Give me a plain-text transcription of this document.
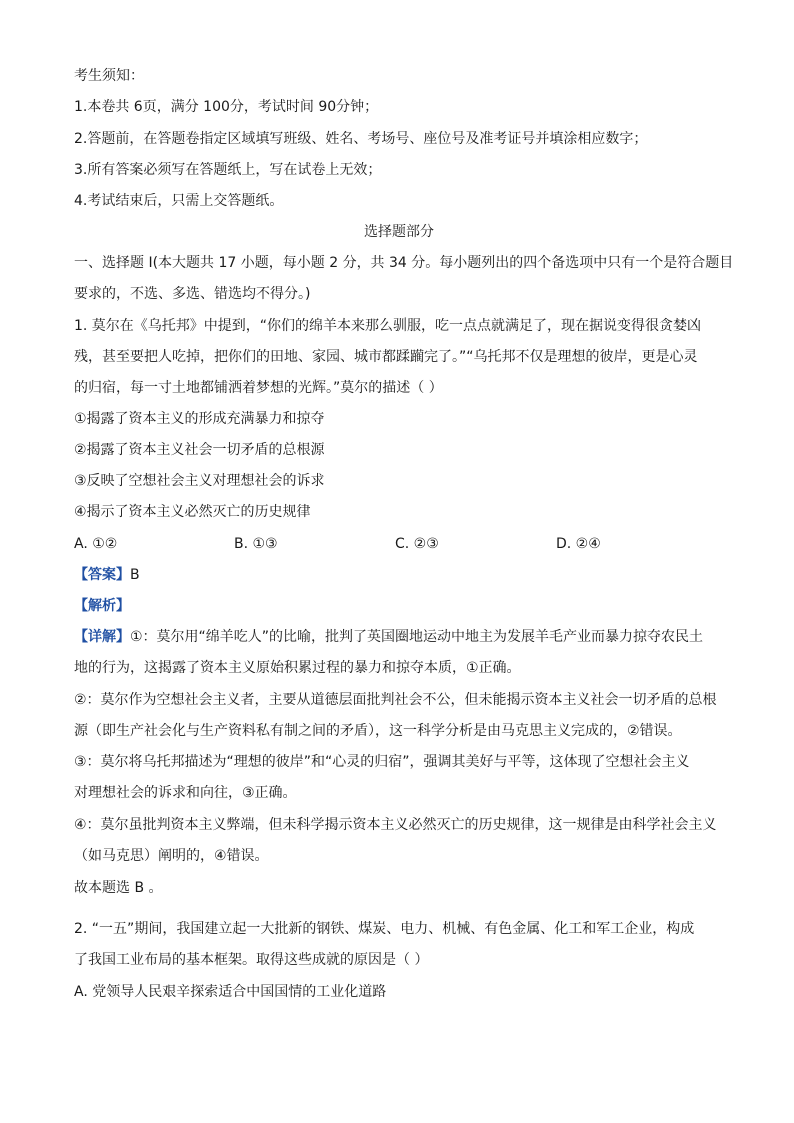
考生须知：
1.本卷共 6页，满分 100分，考试时间 90分钟；
2.答题前，在答题卷指定区域填写班级、姓名、考场号、座位号及准考证号并填涂相应数字；
3.所有答案必须写在答题纸上，写在试卷上无效；
4.考试结束后，只需上交答题纸。
选择题部分
一、选择题 I(本大题共 17 小题，每小题 2 分，共 34 分。每小题列出的四个备选项中只有一个是符合题目
要求的，不选、多选、错选均不得分。)
1. 莫尔在《乌托邦》中提到，“你们的绵羊本来那么驯服，吃一点点就满足了，现在据说变得很贪婪凶
残，甚至要把人吃掉，把你们的田地、家园、城市都蹂躏完了。”“乌托邦不仅是理想的彼岸，更是心灵
的归宿，每一寸土地都铺洒着梦想的光辉。”莫尔的描述（ ）
①揭露了资本主义的形成充满暴力和掠夺
②揭露了资本主义社会一切矛盾的总根源
③反映了空想社会主义对理想社会的诉求
④揭示了资本主义必然灭亡的历史规律
A. ①②	B. ①③	C. ②③	D. ②④
【答案】B
【解析】
【详解】①：莫尔用“绵羊吃人”的比喻，批判了英国圈地运动中地主为发展羊毛产业而暴力掠夺农民土
地的行为，这揭露了资本主义原始积累过程的暴力和掠夺本质，①正确。
②：莫尔作为空想社会主义者，主要从道德层面批判社会不公，但未能揭示资本主义社会一切矛盾的总根
源（即生产社会化与生产资料私有制之间的矛盾），这一科学分析是由马克思主义完成的，②错误。
③：莫尔将乌托邦描述为“理想的彼岸”和“心灵的归宿”，强调其美好与平等，这体现了空想社会主义
对理想社会的诉求和向往，③正确。
④：莫尔虽批判资本主义弊端，但未科学揭示资本主义必然灭亡的历史规律，这一规律是由科学社会主义
（如马克思）阐明的，④错误。
故本题选 B 。
2. “一五”期间，我国建立起一大批新的钢铁、煤炭、电力、机械、有色金属、化工和军工企业，构成
了我国工业布局的基本框架。取得这些成就的原因是（ ）
A. 党领导人民艰辛探索适合中国国情的工业化道路
